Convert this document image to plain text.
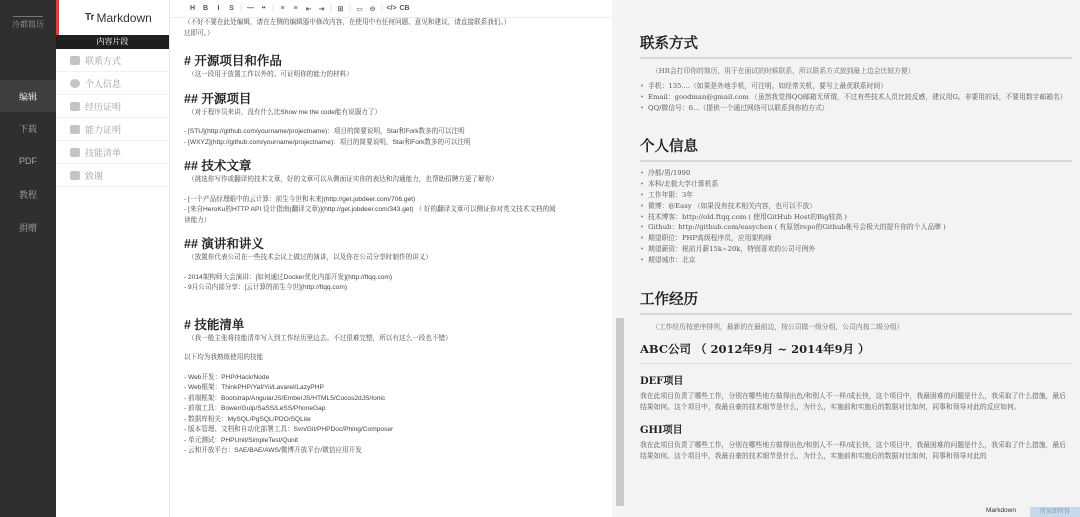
冷都简历
编辑
下载
PDF
教程
捐赠
Tr Markdown
内容片段
联系方式
个人信息
经历证明
能力证明
技能清单
致谢
H	B	I	S | —	❝ | ≡	≡	⇤	⇥ | ⊞ | ▭ ⊖ | </> CB
（不好不要在此处编辑，请在左侧的编辑器中修改内容，在使用中有任何问题、意见和建议，请直接联系我们。）
过即可。）
# 开源项目和作品
（这一段用于放置工作以外的、可证明你的能力的材料）
## 开源项目
（对于程序员来讲，没有什么比Show me the code能有说服力了）
- [STU](http://github.com/yourname/projectname)：项目的简要说明，Star和Fork数多的可以注明
- [WXYZ](http://github.com/yourname/projectname)：项目的简要说明，Star和Fork数多的可以注明
## 技术文章
（挑选你写作或翻译的技术文章，好的文章可以从侧面证实你的表达和沟通能力，也帮助招聘方更了解你）
- [一个产品经理眼中的云计算：前生今世和未来](http://get.jobdeer.com/706.get)
- [来自HeroKu的HTTP API 设计指南(翻译文章)](http://get.jobdeer.com/343.get) （ 好的翻译文章可以侧证你对英文技术文档的阅
读能力）
## 演讲和讲义
（放置你代表公司在一些技术会议上做过的演讲，以及你在公司分享时制作的讲义）
- 2014架构师大会演讲：[如何通过Docker优化内部开发](http://ftqq.com)
- 9月公司内部分享：[云计算的前生今世](http://ftqq.com)
# 技能清单
（我一般主张将技能清单写入到工作经历里边去。不过很难完整，所以有这么一段也不错）
以下均为我熟练使用的技能
- Web开发：PHP/Hack/Node
- Web框架：ThinkPHP/Yaf/Yii/Lavarel/LazyPHP
- 前端框架：Bootstrap/AngularJS/EmberJS/HTML5/Cocos2dJS/Ionic
- 前端工具：Bower/Gulp/SaSS/LeSS/PhoneGap
- 数据库相关：MySQL/PgSQL/PDO/SQLite
- 版本管理、文档和自动化部署工具：Svn/Git/PHPDoc/Phing/Composer
- 单元测试：PHPUnit/SimpleTest/Qunit
- 云和开放平台：SAE/BAE/AWS/微博开放平台/微信应用开发
联系方式
（HR会打印你的简历，用于在面试的时候联系，所以联系方式放到最上边会比较方便）
• 手机：135....（如果是外地手机，可注明。如经常关机，要写上最优联系时间）
• Email：goodman@gmail.com （虽然我觉得QQ邮箱无所谓，不过有些技术人员比较反感，建议用G。非要用的话，不要用数字邮箱名）
• QQ/微信号：6...（提供一个通过网络可以联系到你的方式）
个人信息
• 冷都/男/1990
• 本科/北极大学计算机系
• 工作年限：3年
• 微博：@Easy （如果没有技术相关内容，也可以不放）
• 技术博客：http://old.ftqq.com ( 使用GitHub Host的Big较高 )
• Github：http://github.com/easychen ( 有原创repo的Github帐号会极大的提升你的个人品牌 )
• 期望职位：PHP高级程序员，应用架构师
• 期望薪资：税前月薪15k~20k，特别喜欢的公司可例外
• 期望城市：北京
工作经历
（工作经历按逆序排列，最新的在最前边，按公司做一级分组，公司内按二级分组）
ABC公司 （ 2012年9月 ~ 2014年9月 ）
DEF项目
我在此项目负责了哪些工作，分别在哪些地方做得出色/和别人不一样/成长快，这个项目中，我最困难的问题是什么，我采取了什么措施，最后结果如何。这个项目中，我最自豪的技术细节是什么，为什么，实施前和实施后的数据对比如何，同事和领导对此的反应如何。
GHI项目
我在此项目负责了哪些工作，分别在哪些地方做得出色/和别人不一样/成长快，这个项目中，我最困难的问题是什么，我采取了什么措施，最后结果如何。这个项目中，我最自豪的技术细节是什么，为什么，实施前和实施后的数据对比如何，同事和领导对此的
Markdown	所见即所得
